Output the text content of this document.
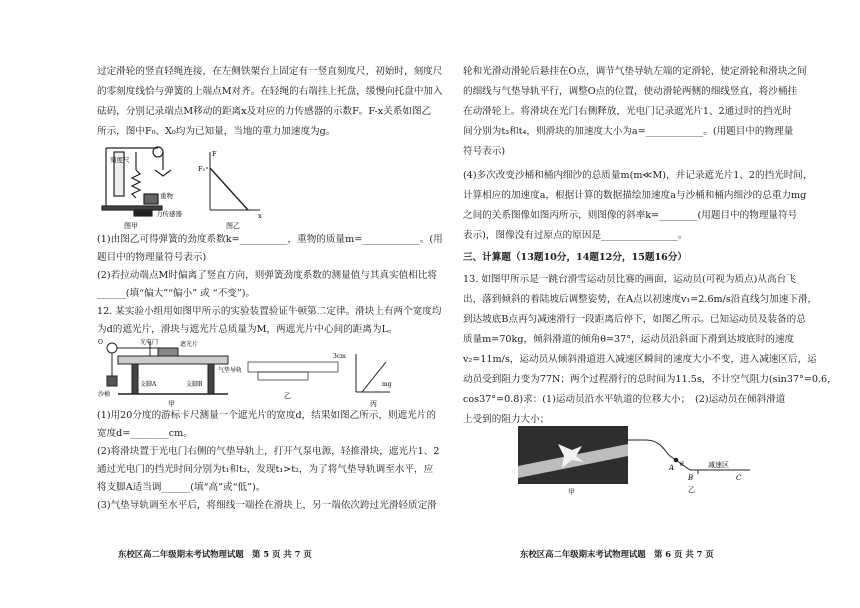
过定滑轮的竖直轻绳连接，在左侧铁架台上固定有一竖直刻度尺，初始时，刻度尺
的零刻度线恰与弹簧的上端点M对齐。在轻绳的右端挂上托盘，缓慢向托盘中加入
砝码，分别记录端点M移动的距离x及对应的力传感器的示数F。F-x关系如图乙
所示，图中F₀、X₀均为已知量，当地的重力加速度为g。
刻度尺
重物
力传感器
图甲
F
F₀
x
图乙
(1)由图乙可得弹簧的劲度系数k=__________，重物的质量m=____________。(用
题目中的物理量符号表示)
(2)若拉动端点M时偏离了竖直方向，则弹簧劲度系数的测量值与其真实值相比将
______(填“偏大”“偏小” 或 “不变”)。
12. 某实验小组用如图甲所示的实验装置验证牛顿第二定律。滑块上有两个宽度均
为d的遮光片，滑块与遮光片总质量为M，两遮光片中心间的距离为L。
O
沙桶
光电门	遮光片
气垫导轨
支脚A	支脚B
甲
3cm
乙
mg
丙
(1)用20分度的游标卡尺测量一个遮光片的宽度d，结果如图乙所示，则遮光片的
宽度d=________cm。
(2)将滑块置于光电门右侧的气垫导轨上，打开气泵电源，轻推滑块，遮光片1、2
通过光电门的挡光时间分别为t₁和t₂，发现t₁>t₂，为了将气垫导轨调至水平，应
将支脚A适当调______(填“高”或“低”)。
(3)气垫导轨调至水平后，将细线一端拴在滑块上，另一端依次跨过光滑轻质定滑
东校区高二年级期末考试物理试题　第 5 页 共 7 页
轮和光滑动滑轮后悬挂在O点，调节气垫导轨左端的定滑轮，使定滑轮和滑块之间
的细线与气垫导轨平行，调整O点的位置，使动滑轮两侧的细线竖直，将沙桶挂
在动滑轮上。将滑块在光门右侧释放，光电门记录遮光片1、2通过时的挡光时
间分别为t₃和t₄，则滑块的加速度大小为a=____________。(用题目中的物理量
符号表示)
(4)多次改变沙桶和桶内细沙的总质量m(m≪M)，并记录遮光片1、2的挡光时间，
计算相应的加速度a，根据计算的数据描绘加速度a与沙桶和桶内细沙的总重力mg
之间的关系图像如图丙所示，则图像的斜率k=________(用题目中的物理量符号
表示)，图像没有过原点的原因是________________。
三、计算题（13题10分，14题12分，15题16分）
13. 如图甲所示是一跳台滑雪运动员比赛的画面，运动员(可视为质点)从高台飞
出，落到倾斜的着陆坡后调整姿势，在A点以初速度v₁=2.6m/s沿直线匀加速下滑，
到达坡底B点再匀减速滑行一段距离后停下，如图乙所示。已知运动员及装备的总
质量m=70kg，倾斜滑道的倾角θ=37°，运动员沿斜面下滑到达坡底时的速度
v₂=11m/s，运动员从倾斜滑道进入减速区瞬间的速度大小不变，进入减速区后，运
动员受到阻力变为77N；两个过程滑行的总时间为11.5s，不计空气阻力(sin37°=0.6，
cos37°=0.8)求：(1)运动员沿水平轨道的位移大小；　(2)运动员在倾斜滑道
上受到的阻力大小；
甲
A
B	C
θ	减速区
乙
东校区高二年级期末考试物理试题　第 6 页 共 7 页
